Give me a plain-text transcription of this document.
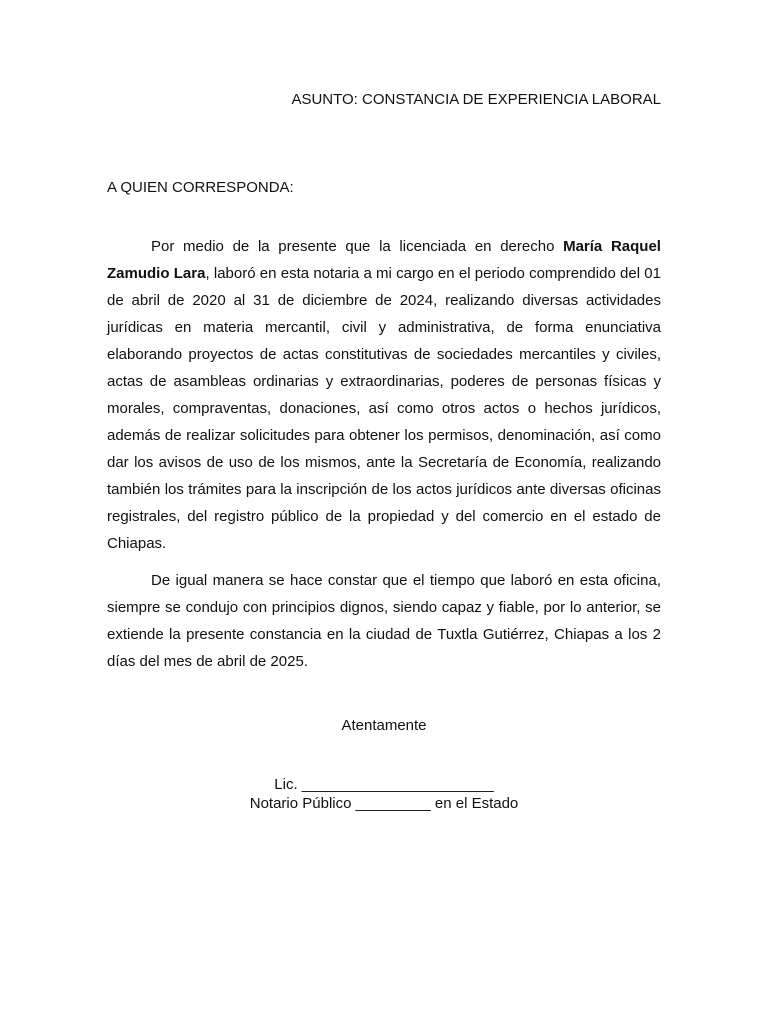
ASUNTO: CONSTANCIA DE EXPERIENCIA LABORAL
A QUIEN CORRESPONDA:

Por medio de la presente que la licenciada en derecho María Raquel Zamudio Lara, laboró en esta notaria a mi cargo en el periodo comprendido del 01 de abril de 2020 al 31 de diciembre de 2024, realizando diversas actividades jurídicas en materia mercantil, civil y administrativa, de forma enunciativa elaborando proyectos de actas constitutivas de sociedades mercantiles y civiles, actas de asambleas ordinarias y extraordinarias, poderes de personas físicas y morales, compraventas, donaciones, así como otros actos o hechos jurídicos, además de realizar solicitudes para obtener los permisos, denominación, así como dar los avisos de uso de los mismos, ante la Secretaría de Economía, realizando también los trámites para la inscripción de los actos jurídicos ante diversas oficinas registrales, del registro público de la propiedad y del comercio en el estado de Chiapas.

De igual manera se hace constar que el tiempo que laboró en esta oficina, siempre se condujo con principios dignos, siendo capaz y fiable, por lo anterior, se extiende la presente constancia en la ciudad de Tuxtla Gutiérrez, Chiapas a los 2 días del mes de abril de 2025.

Atentamente
Lic. _______________________
Notario Público _________ en el Estado
